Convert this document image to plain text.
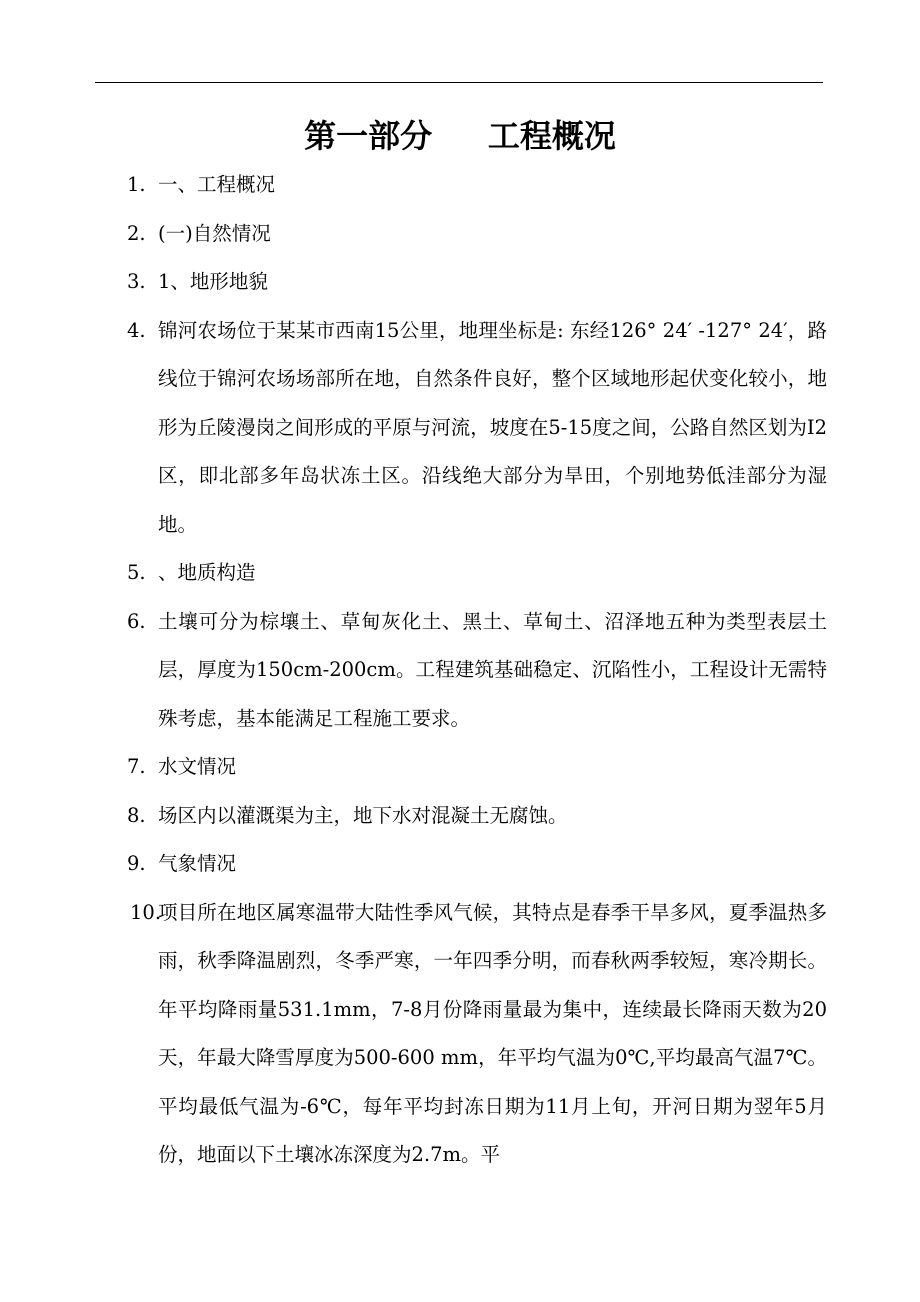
第一部分     工程概况
1. 一、工程概况
2. (一)自然情况
3. 1、地形地貌
4. 锦河农场位于某某市西南15公里，地理坐标是: 东经126° 24′ -127° 24′，路线位于锦河农场场部所在地，自然条件良好，整个区域地形起伏变化较小，地形为丘陵漫岗之间形成的平原与河流，坡度在5-15度之间，公路自然区划为I2区，即北部多年岛状冻土区。沿线绝大部分为旱田，个别地势低洼部分为湿地。
5. 、地质构造
6. 土壤可分为棕壤土、草甸灰化土、黑土、草甸土、沼泽地五种为类型表层土层，厚度为150cm-200cm。工程建筑基础稳定、沉陷性小，工程设计无需特殊考虑，基本能满足工程施工要求。
7. 水文情况
8. 场区内以灌溉渠为主，地下水对混凝土无腐蚀。
9. 气象情况
10.
项目所在地区属寒温带大陆性季风气候，其特点是春季干旱多风，夏季温热多雨，秋季降温剧烈，冬季严寒，一年四季分明，而春秋两季较短，寒冷期长。年平均降雨量531.1mm，7-8月份降雨量最为集中，连续最长降雨天数为20天，年最大降雪厚度为500-600 mm，年平均气温为0℃,平均最高气温7℃。平均最低气温为-6℃，每年平均封冻日期为11月上旬，开河日期为翌年5月份，地面以下土壤冰冻深度为2.7m。平
